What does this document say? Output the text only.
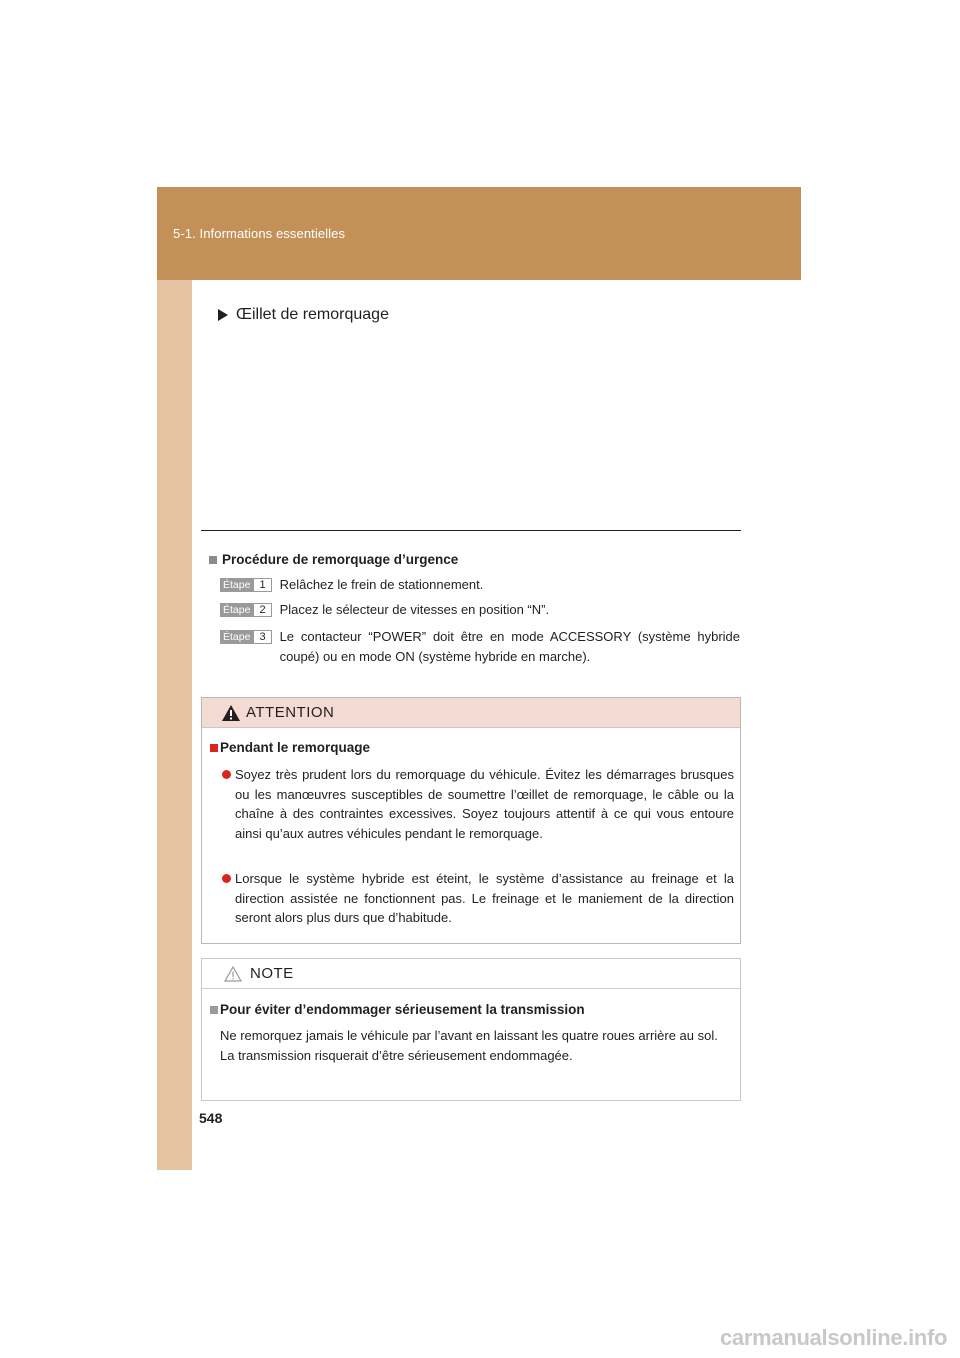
5-1. Informations essentielles
Œillet de remorquage
Procédure de remorquage d’urgence
Étape 1	Relâchez le frein de stationnement.
Étape 2	Placez le sélecteur de vitesses en position “N”.
Étape 3	Le contacteur “POWER” doit être en mode ACCESSORY (système hybride coupé) ou en mode ON (système hybride en marche).
ATTENTION
Pendant le remorquage
Soyez très prudent lors du remorquage du véhicule. Évitez les démarrages brusques ou les manœuvres susceptibles de soumettre l’œillet de remorquage, le câble ou la chaîne à des contraintes excessives. Soyez toujours attentif à ce qui vous entoure ainsi qu’aux autres véhicules pendant le remorquage.
Lorsque le système hybride est éteint, le système d’assistance au freinage et la direction assistée ne fonctionnent pas. Le freinage et le maniement de la direction seront alors plus durs que d’habitude.
NOTE
Pour éviter d’endommager sérieusement la transmission
Ne remorquez jamais le véhicule par l’avant en laissant les quatre roues arrière au sol.
La transmission risquerait d’être sérieusement endommagée.
548
carmanualsonline.info
